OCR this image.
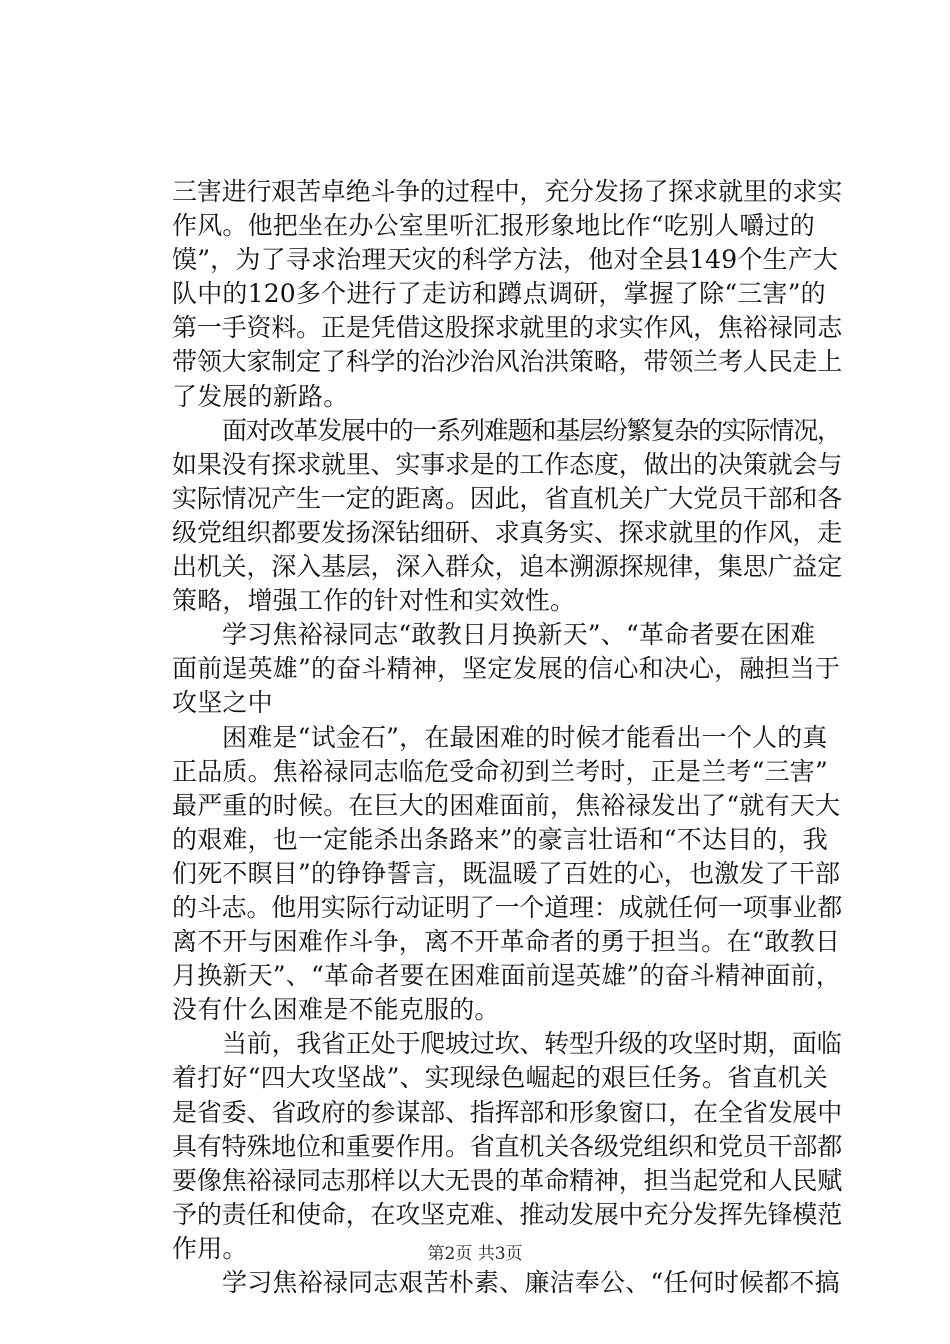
三害进行艰苦卓绝斗争的过程中，充分发扬了探求就里的求实
作风。他把坐在办公室里听汇报形象地比作“吃别人嚼过的
馍”，为了寻求治理天灾的科学方法，他对全县149个生产大
队中的120多个进行了走访和蹲点调研，掌握了除“三害”的
第一手资料。正是凭借这股探求就里的求实作风，焦裕禄同志
带领大家制定了科学的治沙治风治洪策略，带领兰考人民走上
了发展的新路。
面对改革发展中的一系列难题和基层纷繁复杂的实际情况，
如果没有探求就里、实事求是的工作态度，做出的决策就会与
实际情况产生一定的距离。因此，省直机关广大党员干部和各
级党组织都要发扬深钻细研、求真务实、探求就里的作风，走
出机关，深入基层，深入群众，追本溯源探规律，集思广益定
策略，增强工作的针对性和实效性。
学习焦裕禄同志“敢教日月换新天”、“革命者要在困难
面前逞英雄”的奋斗精神，坚定发展的信心和决心，融担当于
攻坚之中
困难是“试金石”，在最困难的时候才能看出一个人的真
正品质。焦裕禄同志临危受命初到兰考时，正是兰考“三害”
最严重的时候。在巨大的困难面前，焦裕禄发出了“就有天大
的艰难，也一定能杀出条路来”的豪言壮语和“不达目的，我
们死不瞑目”的铮铮誓言，既温暖了百姓的心，也激发了干部
的斗志。他用实际行动证明了一个道理：成就任何一项事业都
离不开与困难作斗争，离不开革命者的勇于担当。在“敢教日
月换新天”、“革命者要在困难面前逞英雄”的奋斗精神面前，
没有什么困难是不能克服的。
当前，我省正处于爬坡过坎、转型升级的攻坚时期，面临
着打好“四大攻坚战”、实现绿色崛起的艰巨任务。省直机关
是省委、省政府的参谋部、指挥部和形象窗口，在全省发展中
具有特殊地位和重要作用。省直机关各级党组织和党员干部都
要像焦裕禄同志那样以大无畏的革命精神，担当起党和人民赋
予的责任和使命，在攻坚克难、推动发展中充分发挥先锋模范
作用。
学习焦裕禄同志艰苦朴素、廉洁奉公、“任何时候都不搞
第2页 共3页
